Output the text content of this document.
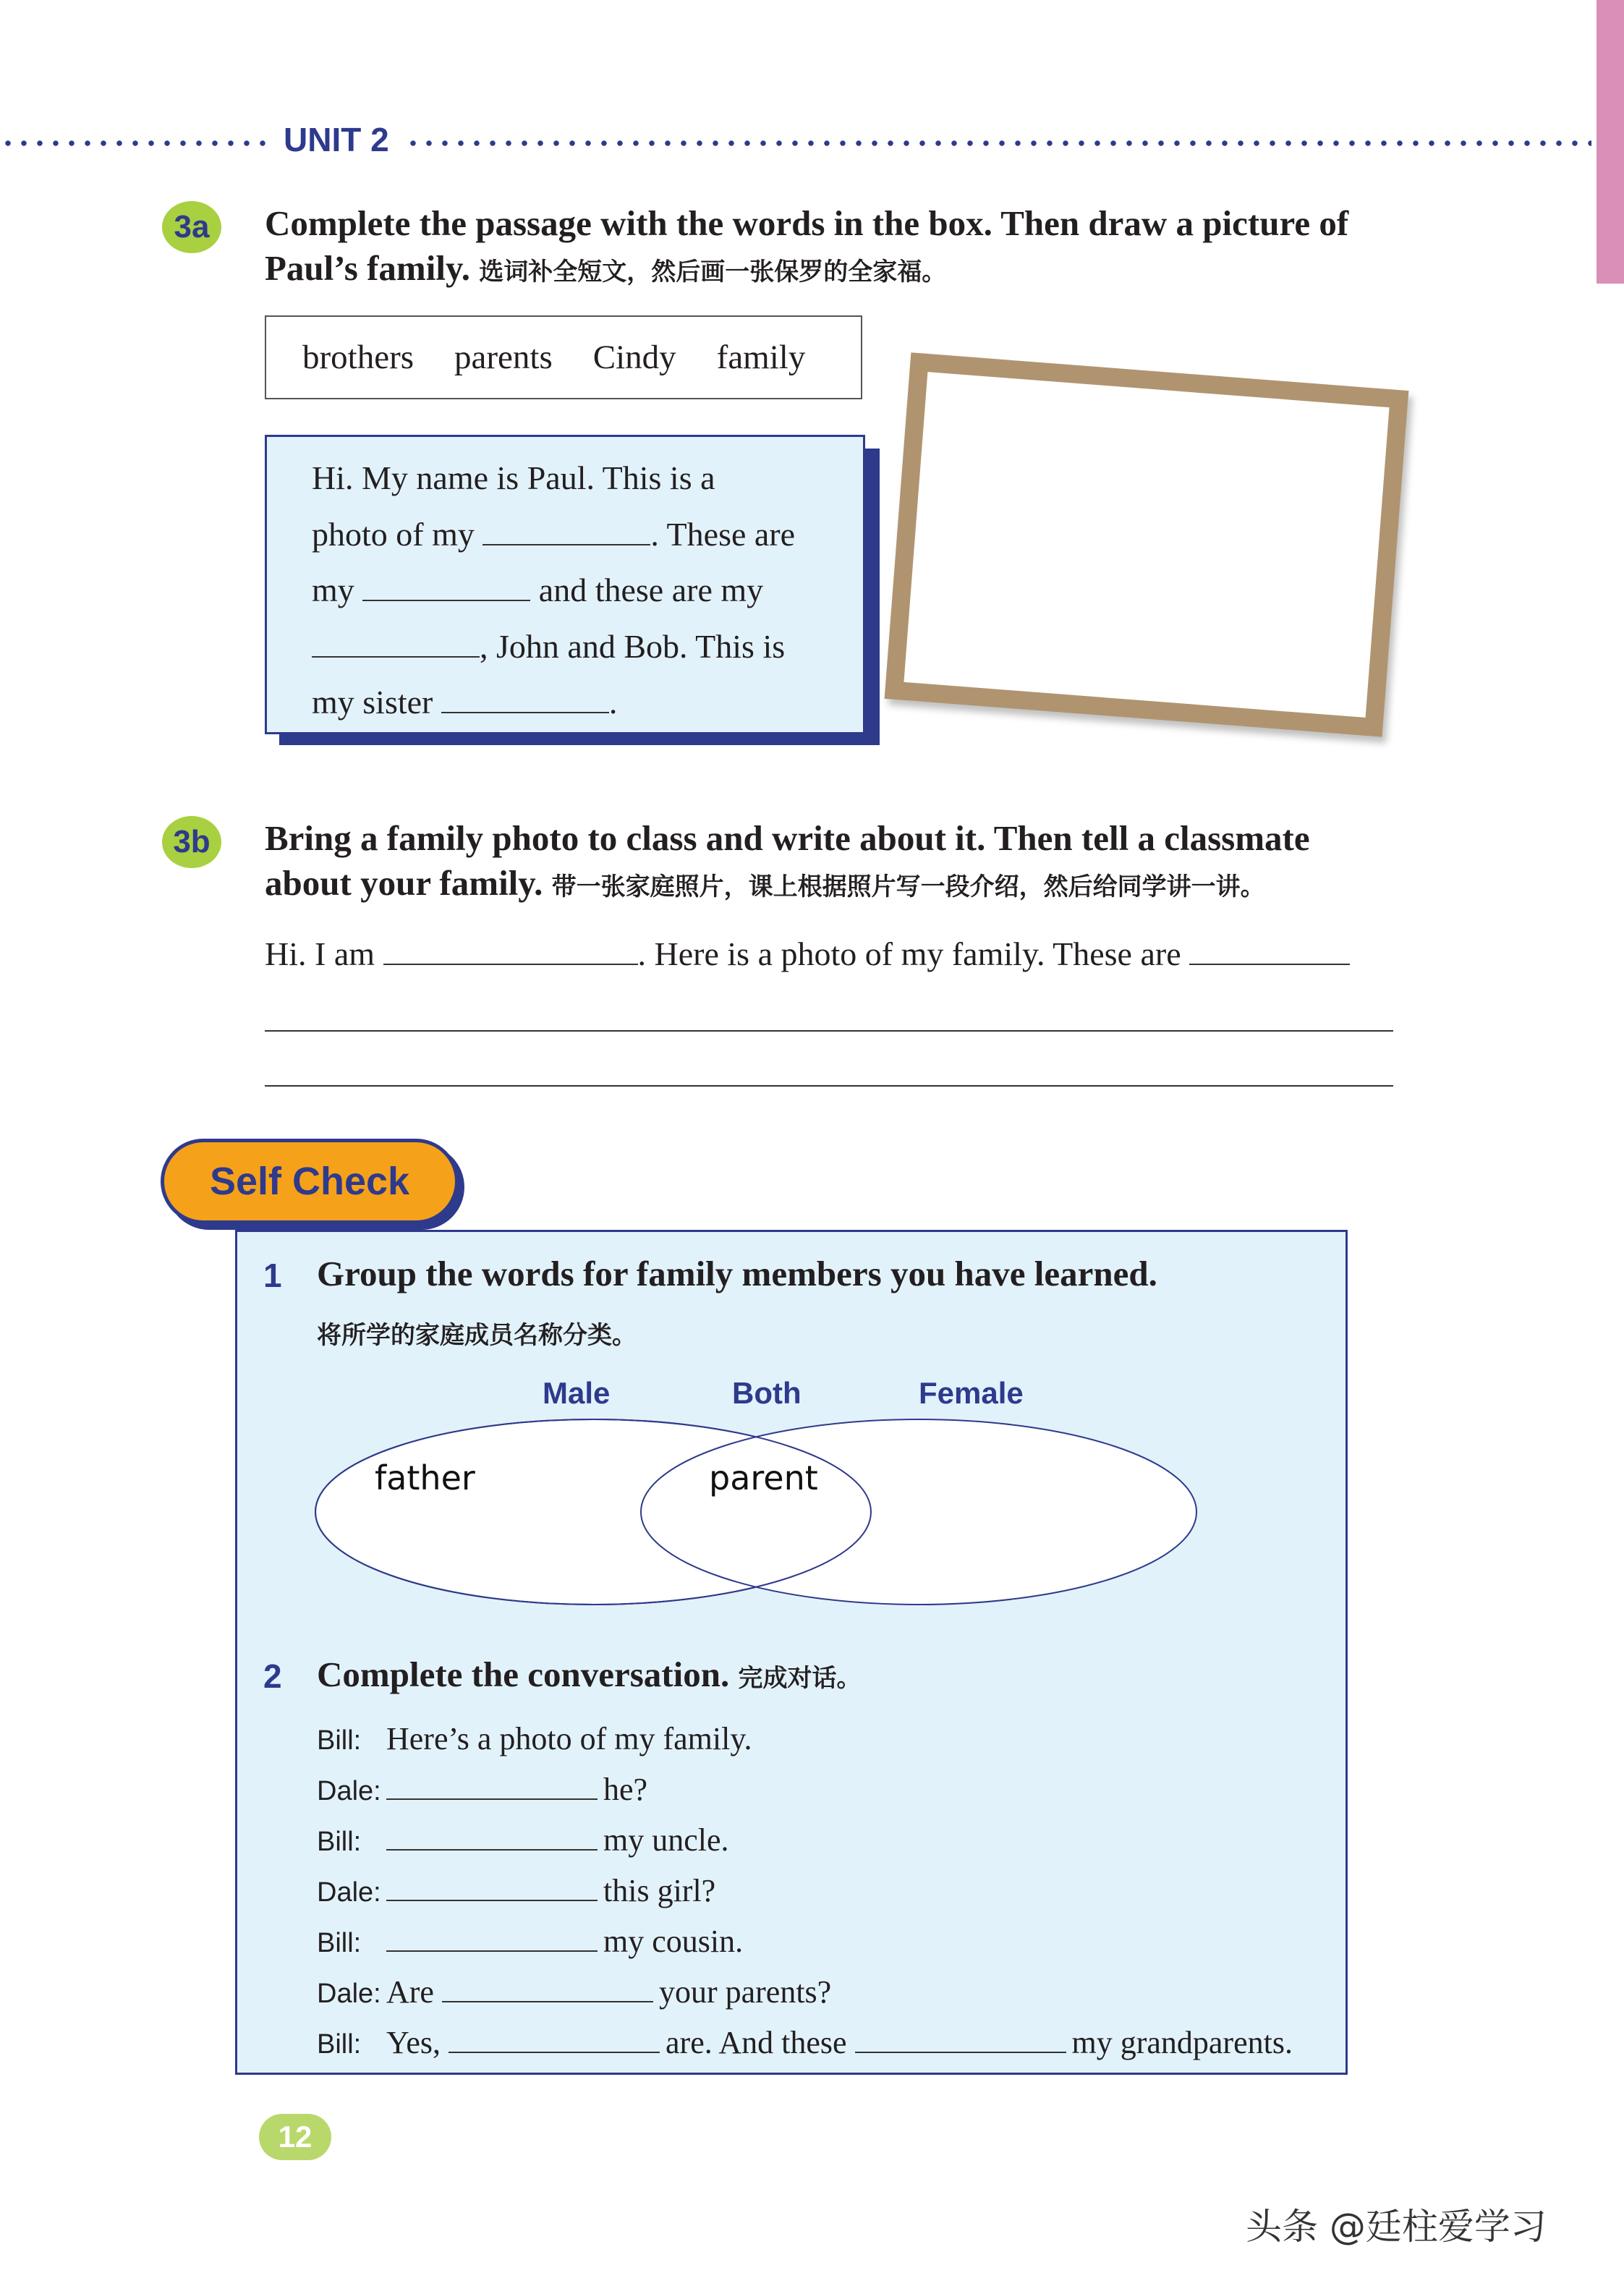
UNIT 2
3a	Complete the passage with the words in the box. Then draw a picture of
Paul’s family. 选词补全短文，然后画一张保罗的全家福。
brothers parents Cindy family
Hi. My name is Paul. This is a
photo of my	. These are
my	and these are my
, John and Bob. This is
my sister	.
3b	Bring a family photo to class and write about it. Then tell a classmate
about your family. 带一张家庭照片，课上根据照片写一段介绍，然后给同学讲一讲。
Hi. I am	. Here is a photo of my family. These are
Self Check
1 Group the words for family members you have learned.
将所学的家庭成员名称分类。
Male	Both	Female
father	parent
2 Complete the conversation. 完成对话。
Bill: Here’s a photo of my family.
Dale:	he?
Bill:	my uncle.
Dale:	this girl?
Bill:	my cousin.
Dale: Are	your parents?
Bill: Yes,	are. And these	my grandparents.
12
头条 @廷柱爱学习
